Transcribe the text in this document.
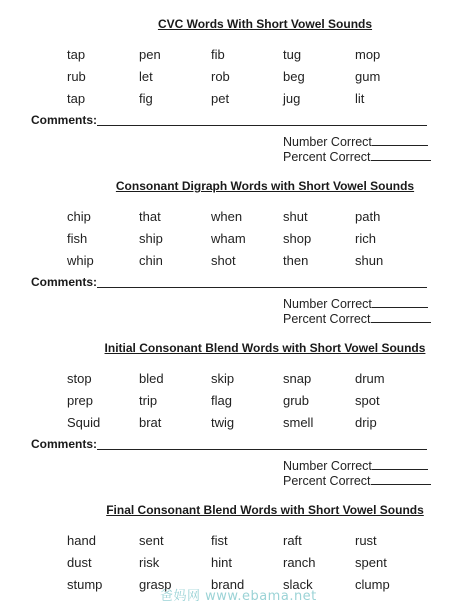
CVC Words With Short Vowel Sounds
tap	pen	fib	tug	mop
rub	let	rob	beg	gum
tap	fig	pet	jug	lit
Comments:
Number Correct
Percent Correct
Consonant Digraph Words with Short Vowel Sounds
chip	that	when	shut	path
fish	ship	wham	shop	rich
whip	chin	shot	then	shun
Comments:
Number Correct
Percent Correct
Initial Consonant Blend Words with Short Vowel Sounds
stop	bled	skip	snap	drum
prep	trip	flag	grub	spot
Squid	brat	twig	smell	drip
Comments:
Number Correct
Percent Correct
Final Consonant Blend Words with Short Vowel Sounds
hand	sent	fist	raft	rust
dust	risk	hint	ranch	spent
stump	grasp	brand	slack	clump
爸妈网 www.ebama.net
